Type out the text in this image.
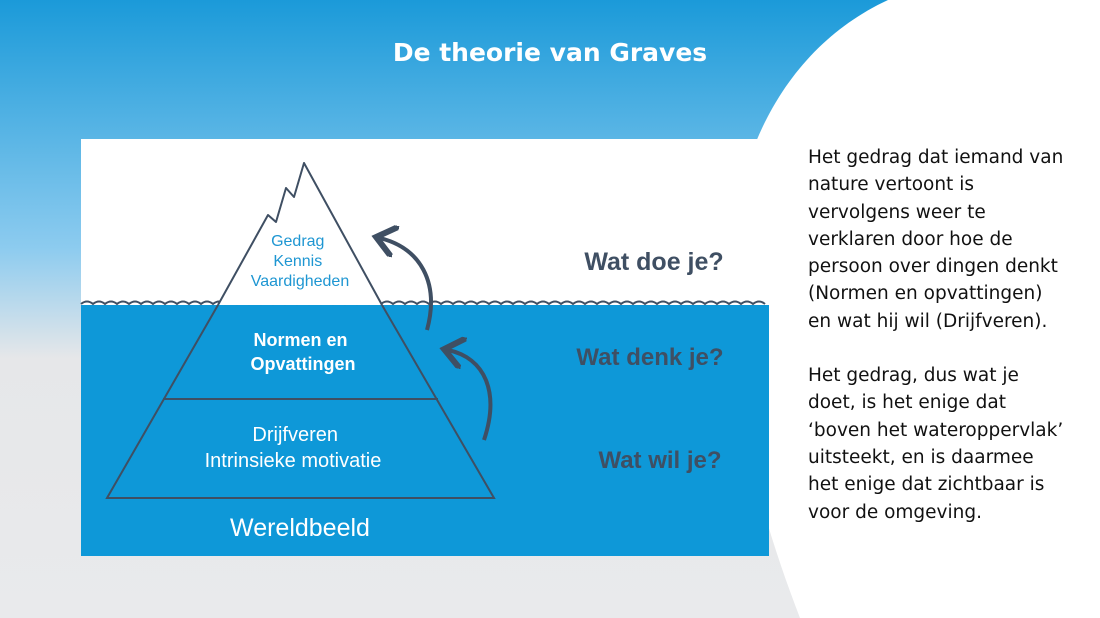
Gedrag Kennis Vaardigheden
Normen en Opvattingen
Drijfveren Intrinsieke motivatie
Wereldbeeld
Wat doe je?
Wat denk je?
Wat wil je?
De theorie van Graves

Het gedrag dat iemand van nature vertoont is vervolgens weer te verklaren door hoe de persoon over dingen denkt (Normen en opvattingen) en wat hij wil (Drijfveren).

Het gedrag, dus wat je doet, is het enige dat ‘boven het wateroppervlak’ uitsteekt, en is daarmee het enige dat zichtbaar is voor de omgeving.
